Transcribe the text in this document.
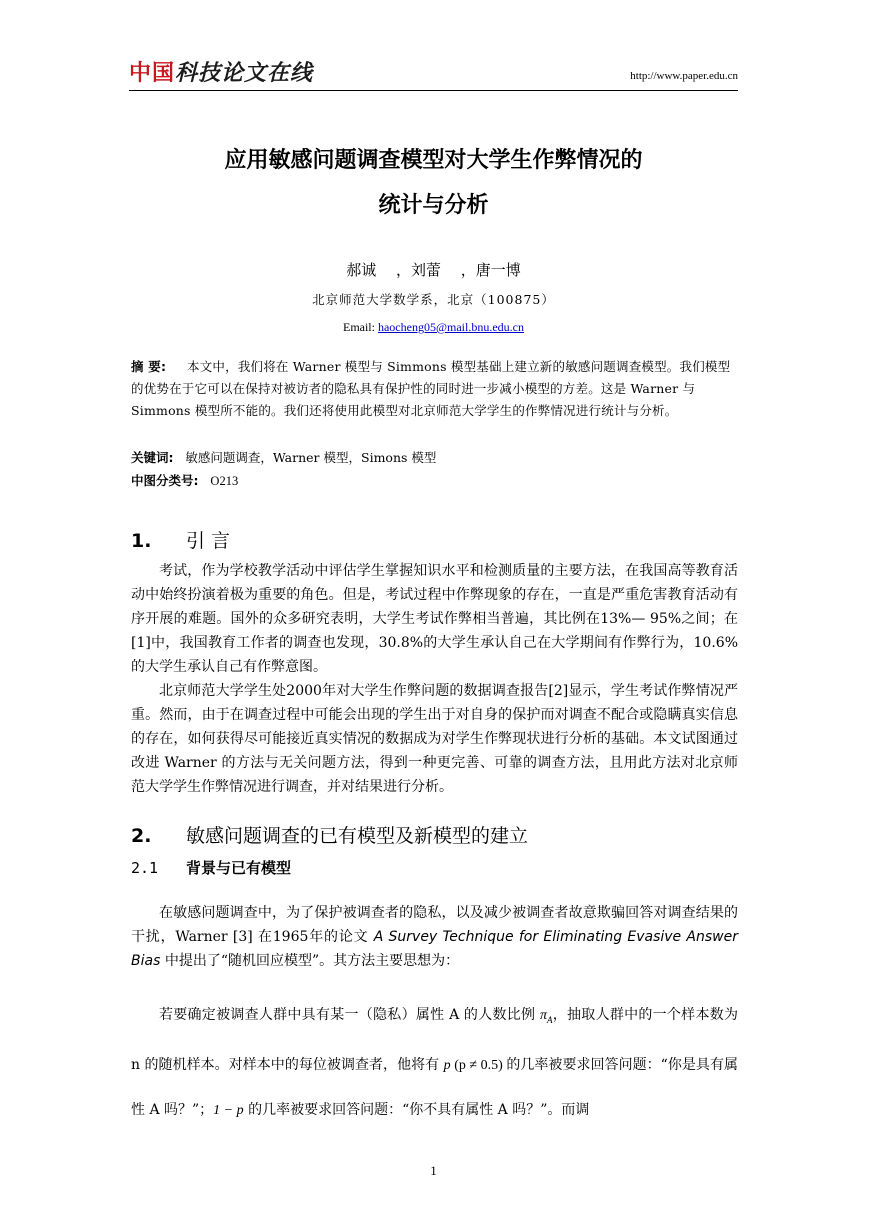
中国科技论文在线	http://www.paper.edu.cn
应用敏感问题调查模型对大学生作弊情况的
统计与分析
郝诚　 ，刘蕾　 ，唐一博
北京师范大学数学系，北京（100875）
Email: haocheng05@mail.bnu.edu.cn
摘 要: 本文中，我们将在 Warner 模型与 Simmons 模型基础上建立新的敏感问题调查模型。我们模型的优势在于它可以在保持对被访者的隐私具有保护性的同时进一步减小模型的方差。这是 Warner 与 Simmons 模型所不能的。我们还将使用此模型对北京师范大学学生的作弊情况进行统计与分析。
关键词: 敏感问题调查，Warner 模型，Simons 模型
中图分类号: O213
1. 引 言

考试，作为学校教学活动中评估学生掌握知识水平和检测质量的主要方法，在我国高等教育活动中始终扮演着极为重要的角色。但是，考试过程中作弊现象的存在，一直是严重危害教育活动有序开展的难题。国外的众多研究表明，大学生考试作弊相当普遍，其比例在13%— 95%之间；在[1]中，我国教育工作者的调查也发现，30.8%的大学生承认自己在大学期间有作弊行为，10.6%的大学生承认自己有作弊意图。

北京师范大学学生处2000年对大学生作弊问题的数据调查报告[2]显示，学生考试作弊情况严重。然而，由于在调查过程中可能会出现的学生出于对自身的保护而对调查不配合或隐瞒真实信息的存在，如何获得尽可能接近真实情况的数据成为对学生作弊现状进行分析的基础。本文试图通过改进 Warner 的方法与无关问题方法，得到一种更完善、可靠的调查方法，且用此方法对北京师范大学学生作弊情况进行调查，并对结果进行分析。

2. 敏感问题调查的已有模型及新模型的建立
2.1 背景与已有模型

在敏感问题调查中，为了保护被调查者的隐私，以及减少被调查者故意欺骗回答对调查结果的干扰，Warner [3] 在1965年的论文 A Survey Technique for Eliminating Evasive Answer Bias 中提出了“随机回应模型”。其方法主要思想为：

若要确定被调查人群中具有某一（隐私）属性 A 的人数比例 $\pi_A$，抽取人群中的一个样本数为 n 的随机样本。对样本中的每位被调查者，他将有 p (p ≠ 0.5) 的几率被要求回答问题：“你是具有属性 A 吗？”；1 − p 的几率被要求回答问题：“你不具有属性 A 吗？”。而调

1
